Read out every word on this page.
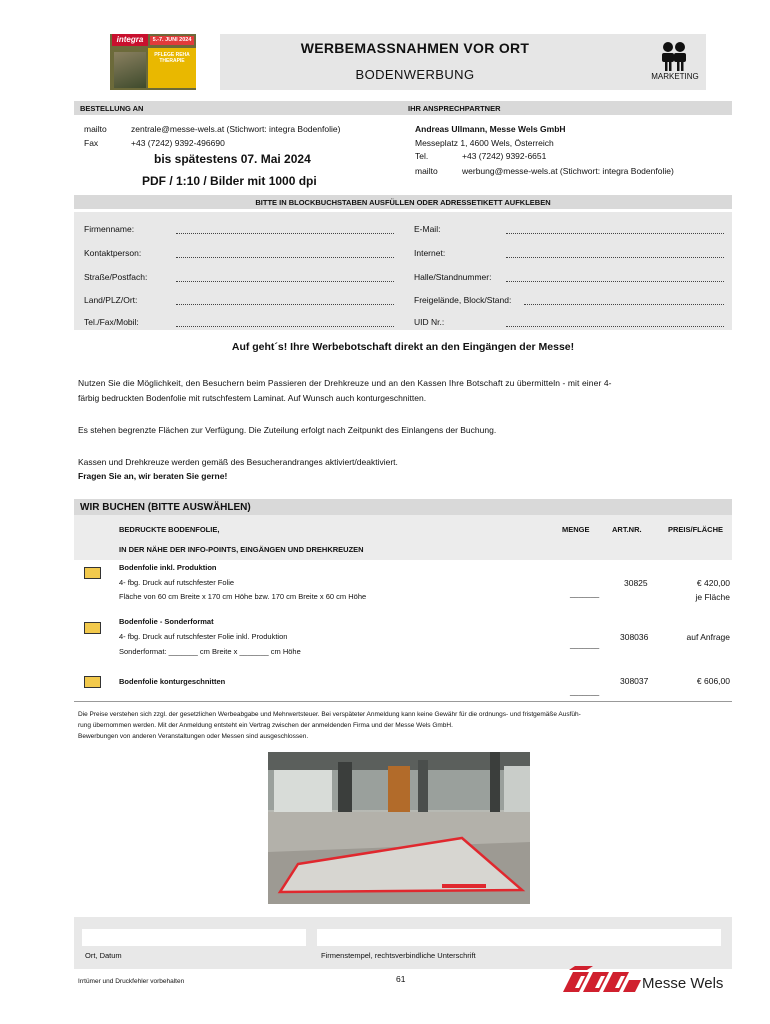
integra	5.-7. JUNI 2024
PFLEGE REHA THERAPIE
WERBEMASSNAHMEN VOR ORT
BODENWERBUNG	MARKETING
BESTELLUNG AN	IHR ANSPRECHPARTNER
mailto	zentrale@messe-wels.at (Stichwort: integra Bodenfolie)
Fax	+43 (7242) 9392-496690
bis spätestens 07. Mai 2024
PDF / 1:10 / Bilder mit 1000 dpi
Andreas Ullmann, Messe Wels GmbH
Messeplatz 1, 4600 Wels, Österreich
Tel.	+43 (7242) 9392-6651
mailto	werbung@messe-wels.at (Stichwort: integra Bodenfolie)
BITTE IN BLOCKBUCHSTABEN AUSFÜLLEN ODER ADRESSETIKETT AUFKLEBEN
Firmenname:
Kontaktperson:
Straße/Postfach:
Land/PLZ/Ort:
Tel./Fax/Mobil:
E-Mail:
Internet:
Halle/Standnummer:
Freigelände, Block/Stand:
UID Nr.:
Auf geht´s! Ihre Werbebotschaft direkt an den Eingängen der Messe!
Nutzen Sie die Möglichkeit, den Besuchern beim Passieren der Drehkreuze und an den Kassen Ihre Botschaft zu übermitteln - mit einer 4-
färbig bedruckten Bodenfolie mit rutschfestem Laminat. Auf Wunsch auch konturgeschnitten.
Es stehen begrenzte Flächen zur Verfügung. Die Zuteilung erfolgt nach Zeitpunkt des Einlangens der Buchung.
Kassen und Drehkreuze werden gemäß des Besucherandranges aktiviert/deaktiviert.
Fragen Sie an, wir beraten Sie gerne!
WIR BUCHEN (BITTE AUSWÄHLEN)
BEDRUCKTE BODENFOLIE,
IN DER NÄHE DER INFO-POINTS, EINGÄNGEN UND DREHKREUZEN
MENGE	ART.NR.	PREIS/FLÄCHE
Bodenfolie inkl. Produktion
4- fbg. Druck auf rutschfester Folie
Fläche von 60 cm Breite x 170 cm Höhe bzw. 170 cm Breite x 60 cm Höhe	_______
30825	€ 420,00
je Fläche
Bodenfolie - Sonderformat
4- fbg. Druck auf rutschfester Folie inkl. Produktion
Sonderformat: _______ cm Breite x _______ cm Höhe
_______
308036	auf Anfrage
Bodenfolie konturgeschnitten
_______
308037	€ 606,00
Die Preise verstehen sich zzgl. der gesetzlichen Werbeabgabe und Mehrwertsteuer. Bei verspäteter Anmeldung kann keine Gewähr für die ordnungs- und fristgemäße Ausfüh-
rung übernommen werden. Mit der Anmeldung entsteht ein Vertrag zwischen der anmeldenden Firma und der Messe Wels GmbH.
Bewerbungen von anderen Veranstaltungen oder Messen sind ausgeschlossen.
Ort, Datum	Firmenstempel, rechtsverbindliche Unterschrift
Irrtümer und Druckfehler vorbehalten	61	Messe Wels
